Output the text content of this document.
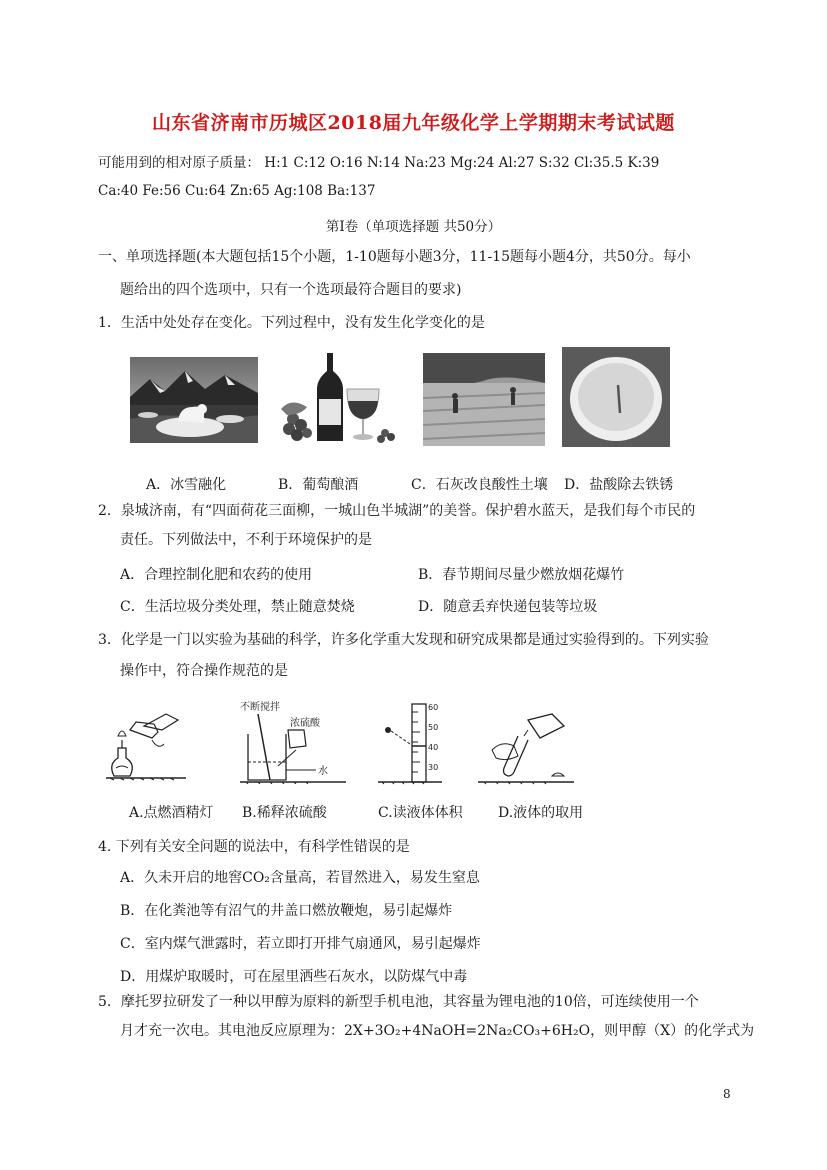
山东省济南市历城区2018届九年级化学上学期期末考试试题
可能用到的相对原子质量： H:1 C:12 O:16 N:14 Na:23 Mg:24 Al:27 S:32 Cl:35.5 K:39
Ca:40 Fe:56 Cu:64 Zn:65 Ag:108 Ba:137
第Ⅰ卷（单项选择题 共50分）
一、单项选择题(本大题包括15个小题，1-10题每小题3分，11-15题每小题4分，共50分。每小
题给出的四个选项中，只有一个选项最符合题目的要求)
1．生活中处处存在变化。下列过程中，没有发生化学变化的是
A．冰雪融化	B．葡萄酿酒	C．石灰改良酸性土壤 D．盐酸除去铁锈
2．泉城济南，有“四面荷花三面柳，一城山色半城湖”的美誉。保护碧水蓝天，是我们每个市民的
责任。下列做法中，不利于环境保护的是
A．合理控制化肥和农药的使用	B．春节期间尽量少燃放烟花爆竹
C．生活垃圾分类处理，禁止随意焚烧	D．随意丢弃快递包装等垃圾
3．化学是一门以实验为基础的科学，许多化学重大发现和研究成果都是通过实验得到的。下列实验
操作中，符合操作规范的是
不断搅拌
浓硫酸
水
60
50
40
30
A.点燃酒精灯 B.稀释浓硫酸	C.读液体体积	D.液体的取用
4. 下列有关安全问题的说法中，有科学性错误的是
A．久未开启的地窖CO₂含量高，若冒然进入，易发生窒息
B．在化粪池等有沼气的井盖口燃放鞭炮，易引起爆炸
C．室内煤气泄露时，若立即打开排气扇通风，易引起爆炸
D．用煤炉取暖时，可在屋里洒些石灰水，以防煤气中毒
5．摩托罗拉研发了一种以甲醇为原料的新型手机电池，其容量为锂电池的10倍，可连续使用一个
月才充一次电。其电池反应原理为：2X+3O₂+4NaOH=2Na₂CO₃+6H₂O，则甲醇（X）的化学式为
8
